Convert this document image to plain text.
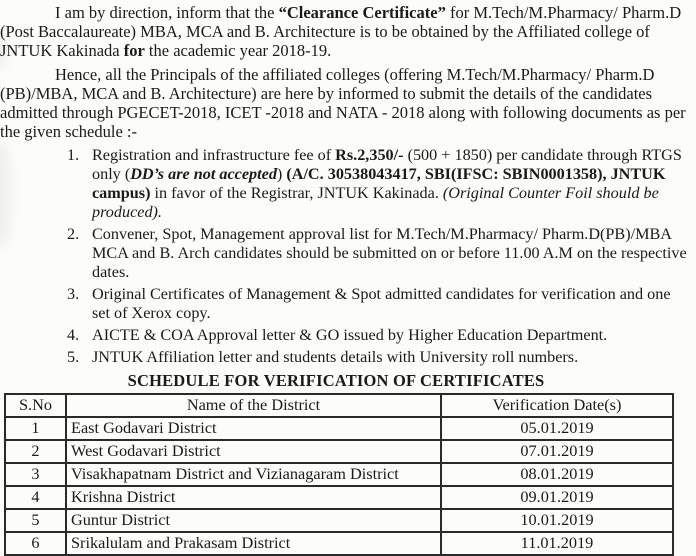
I am by direction, inform that the “Clearance Certificate” for M.Tech/M.Pharmacy/ Pharm.D (Post Baccalaureate) MBA, MCA and B. Architecture is to be obtained by the Affiliated college of JNTUK Kakinada for the academic year 2018-19.

Hence, all the Principals of the affiliated colleges (offering M.Tech/M.Pharmacy/ Pharm.D (PB)/MBA, MCA and B. Architecture) are here by informed to submit the details of the candidates admitted through PGECET-2018, ICET -2018 and NATA - 2018 along with following documents as per the given schedule :-

1. Registration and infrastructure fee of Rs.2,350/- (500 + 1850) per candidate through RTGS only (DD’s are not accepted) (A/C. 30538043417, SBI(IFSC: SBIN0001358), JNTUK campus) in favor of the Registrar, JNTUK Kakinada. (Original Counter Foil should be produced).
2. Convener, Spot, Management approval list for M.Tech/M.Pharmacy/ Pharm.D(PB)/MBA MCA and B. Arch candidates should be submitted on or before 11.00 A.M on the respective dates.
3. Original Certificates of Management & Spot admitted candidates for verification and one set of Xerox copy.
4. AICTE & COA Approval letter & GO issued by Higher Education Department.
5. JNTUK Affiliation letter and students details with University roll numbers.
SCHEDULE FOR VERIFICATION OF CERTIFICATES
S.No	Name of the District	Verification Date(s)
1	East Godavari District	05.01.2019
2	West Godavari District	07.01.2019
3	Visakhapatnam District and Vizianagaram District	08.01.2019
4	Krishna District	09.01.2019
5	Guntur District	10.01.2019
6	Srikalulam and Prakasam District	11.01.2019
